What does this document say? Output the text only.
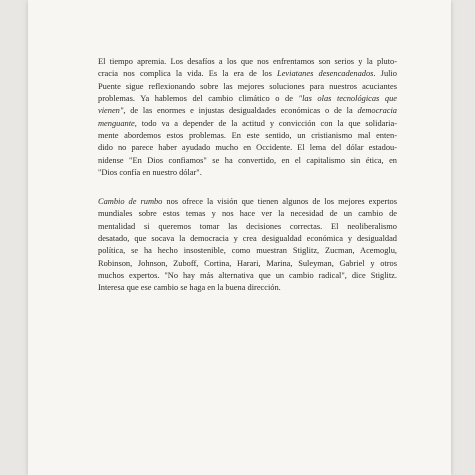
El tiempo apremia. Los desafíos a los que nos enfrentamos son serios y la pluto-
cracia nos complica la vida. Es la era de los Leviatanes desencadenados. Julio
Puente sigue reflexionando sobre las mejores soluciones para nuestros acuciantes
problemas. Ya hablemos del cambio climático o de "las olas tecnológicas que
vienen", de las enormes e injustas desigualdades económicas o de la democracia
menguante, todo va a depender de la actitud y convicción con la que solidaria-
mente abordemos estos problemas. En este sentido, un cristianismo mal enten-
dido no parece haber ayudado mucho en Occidente. El lema del dólar estadou-
nidense "En Dios confiamos" se ha convertido, en el capitalismo sin ética, en
"Dios confía en nuestro dólar".
Cambio de rumbo nos ofrece la visión que tienen algunos de los mejores expertos
mundiales sobre estos temas y nos hace ver la necesidad de un cambio de
mentalidad si queremos tomar las decisiones correctas. El neoliberalismo
desatado, que socava la democracia y crea desigualdad económica y desigualdad
política, se ha hecho insostenible, como muestran Stiglitz, Zucman, Acemoglu,
Robinson, Johnson, Zuboff, Cortina, Harari, Marina, Suleyman, Gabriel y otros
muchos expertos. "No hay más alternativa que un cambio radical", dice Stiglitz.
Interesa que ese cambio se haga en la buena dirección.
